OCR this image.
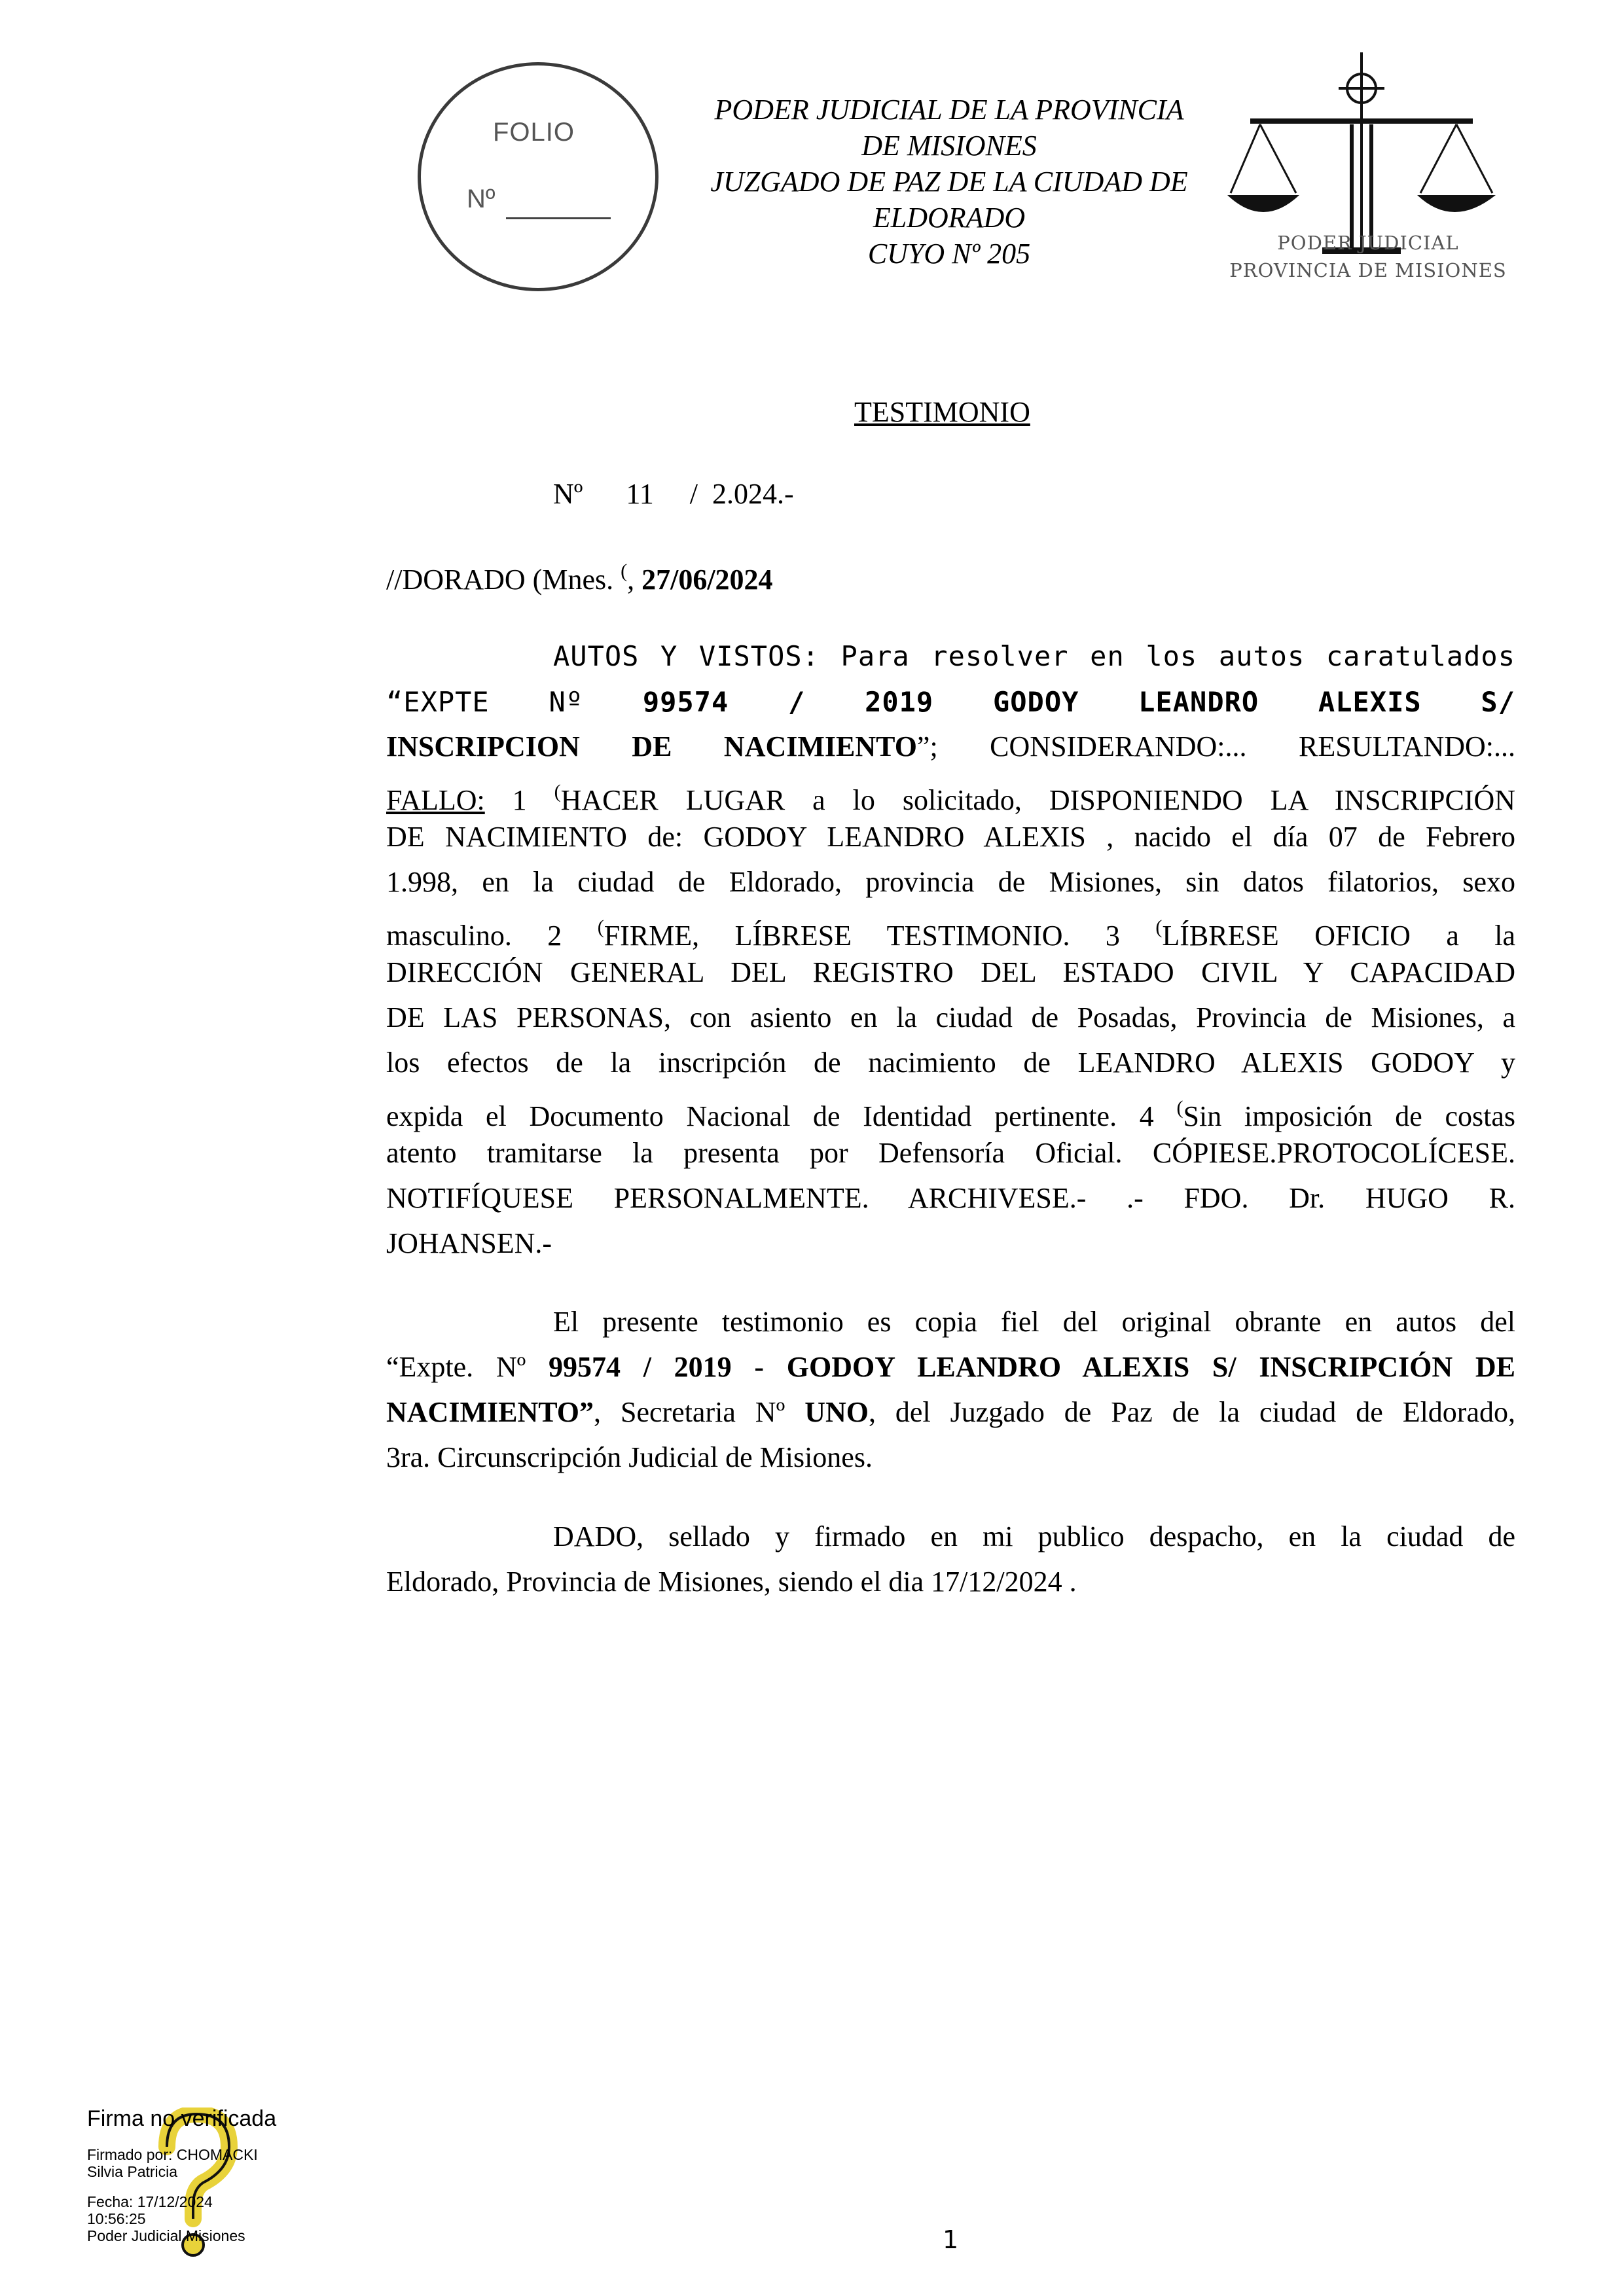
FOLIO
Nº
PODER JUDICIAL DE LA PROVINCIA
DE MISIONES
JUZGADO DE PAZ DE LA CIUDAD DE
ELDORADO
CUYO Nº 205	PODER JUDICIAL
PROVINCIA DE MISIONES
TESTIMONIO
Nº      11     /  2.024.-
//DORADO (Mnes. (, 27/06/2024
AUTOS Y VISTOS: Para resolver en los autos caratulados
“EXPTE Nº 99574 / 2019 GODOY LEANDRO ALEXIS S/
INSCRIPCION DE NACIMIENTO”; CONSIDERANDO:... RESULTANDO:...
FALLO: 1 (HACER LUGAR a lo solicitado, DISPONIENDO LA INSCRIPCIÓN
DE NACIMIENTO de: GODOY LEANDRO ALEXIS , nacido el día 07 de Febrero
1.998, en la ciudad de Eldorado, provincia de Misiones, sin datos filatorios, sexo
masculino. 2 (FIRME, LÍBRESE TESTIMONIO. 3 (LÍBRESE OFICIO a la
DIRECCIÓN GENERAL DEL REGISTRO DEL ESTADO CIVIL Y CAPACIDAD
DE LAS PERSONAS, con asiento en la ciudad de Posadas, Provincia de Misiones, a
los efectos de la inscripción de nacimiento de LEANDRO ALEXIS GODOY y
expida el Documento Nacional de Identidad pertinente. 4 (Sin imposición de costas
atento tramitarse la presenta por Defensoría Oficial. CÓPIESE.PROTOCOLÍCESE.
NOTIFÍQUESE PERSONALMENTE. ARCHIVESE.- .- FDO. Dr. HUGO R.
JOHANSEN.-
El presente testimonio es copia fiel del original obrante en autos del
“Expte. Nº 99574 / 2019 - GODOY LEANDRO ALEXIS S/ INSCRIPCIÓN DE
NACIMIENTO”, Secretaria Nº UNO, del Juzgado de Paz de la ciudad de Eldorado,
3ra. Circunscripción Judicial de Misiones.
DADO, sellado y firmado en mi publico despacho, en la ciudad de
Eldorado, Provincia de Misiones, siendo el dia 17/12/2024 .
Firma no verificada
Firmado por: CHOMACKI
Silvia Patricia
Fecha: 17/12/2024
10:56:25
Poder Judicial Misiones	1
